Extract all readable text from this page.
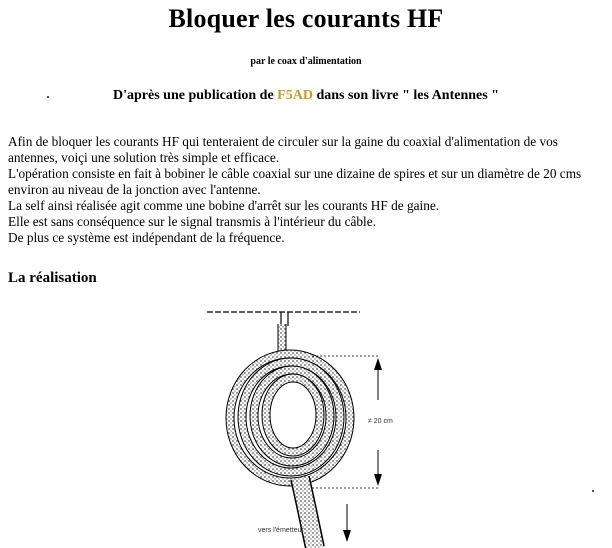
Bloquer les courants HF
par le coax d'alimentation
D'après une publication de F5AD dans son livre " les Antennes "

Afin de bloquer les courants HF qui tenteraient de circuler sur la gaine du coaxial d'alimentation de vos antennes, voiçi une solution très simple et efficace.

L'opération consiste en fait à bobiner le câble coaxial sur une dizaine de spires et sur un diamètre de 20 cms environ au niveau de la jonction avec l'antenne.

La self ainsi réalisée agit comme une bobine d'arrêt sur les courants HF de gaine.

Elle est sans conséquence sur le signal transmis à l'intérieur du câble.

De plus ce système est indépendant de la fréquence.

La réalisation
≠ 20 cm
vers l'émetteur
